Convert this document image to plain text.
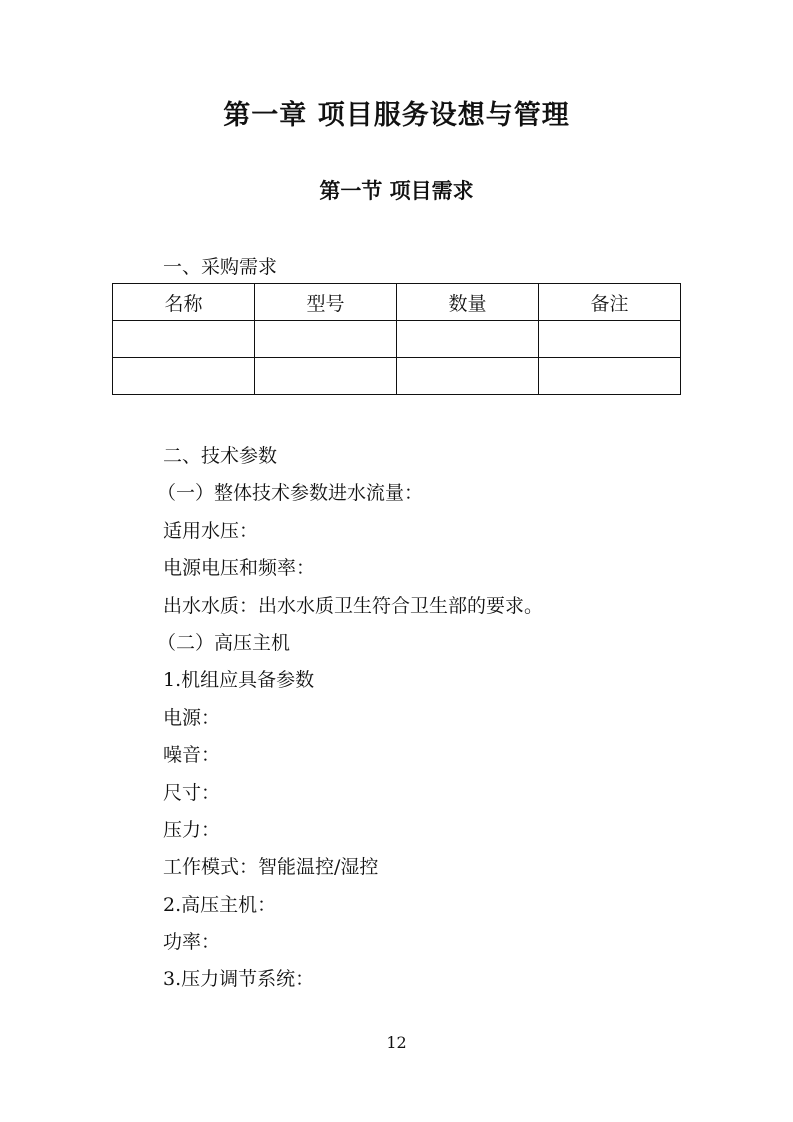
第一章 项目服务设想与管理
第一节 项目需求
一、采购需求
名称	型号	数量	备注

二、技术参数
（一）整体技术参数进水流量：
适用水压：
电源电压和频率：
出水水质：出水水质卫生符合卫生部的要求。
（二）高压主机
1.机组应具备参数
电源：
噪音：
尺寸：
压力：
工作模式：智能温控/湿控
2.高压主机：
功率：
3.压力调节系统：
12
